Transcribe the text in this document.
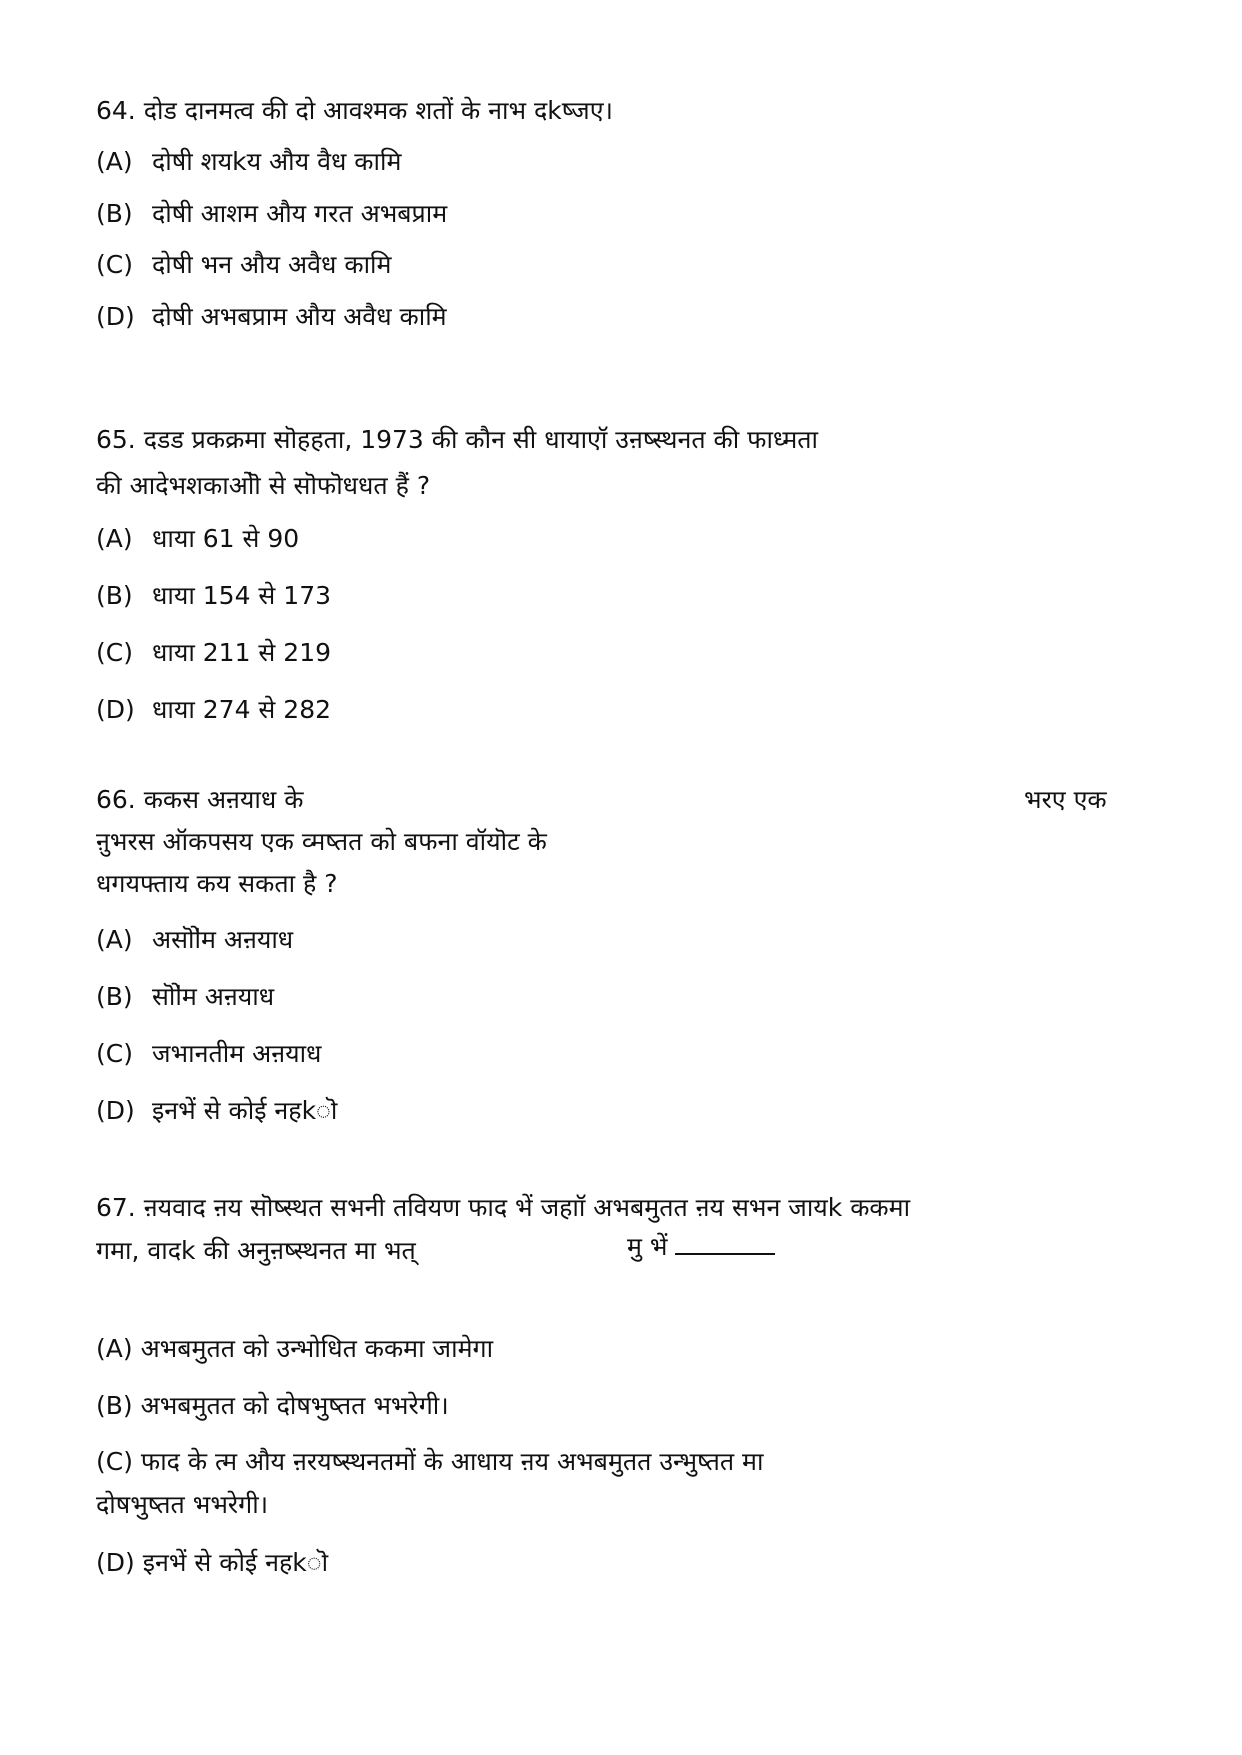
64. दोड दानमत्व की दो आवश्मक शतों के नाभ दkष्जए।
(A) दोषी शयkय औय वैध कामि
(B) दोषी आशम औय गरत अभबप्राम
(C) दोषी भन औय अवैध कामि
(D) दोषी अभबप्राम औय अवैध कामि
65. दडड प्रकक्रमा सॊहहता, 1973 की कौन सी धायाएॉ उऩष्स्थनत की फाध्मता
की आदेभशकाओॊ से सॊफॊधधत हैं ?
(A) धाया 61 से 90
(B) धाया 154 से 173
(C) धाया 211 से 219
(D) धाया 274 से 282
66. ककस अऩयाध के	भरए एक
ऩुभरस ऑकपसय एक व्मष्तत को बफना वॉयॊट के
धगयफ्ताय कय सकता है ?
(A) असॊऻेम अऩयाध
(B) सॊऻेम अऩयाध
(C) जभानतीम अऩयाध
(D) इनभें से कोई नहkॊ
67. ऩयवाद ऩय सॊष्स्थत सभनी तवियण फाद भें जहाॉ अभबमुतत ऩय सभन जायk ककमा
गमा, वादk की अनुऩष्स्थनत मा भत्	मु भें
(A) अभबमुतत को उन्भोधित ककमा जामेगा
(B) अभबमुतत को दोषभुष्तत भभरेगी।
(C) फाद के त्म औय ऩरयष्स्थनतमों के आधाय ऩय अभबमुतत उन्भुष्तत मा
दोषभुष्तत भभरेगी।
(D) इनभें से कोई नहkॊ
